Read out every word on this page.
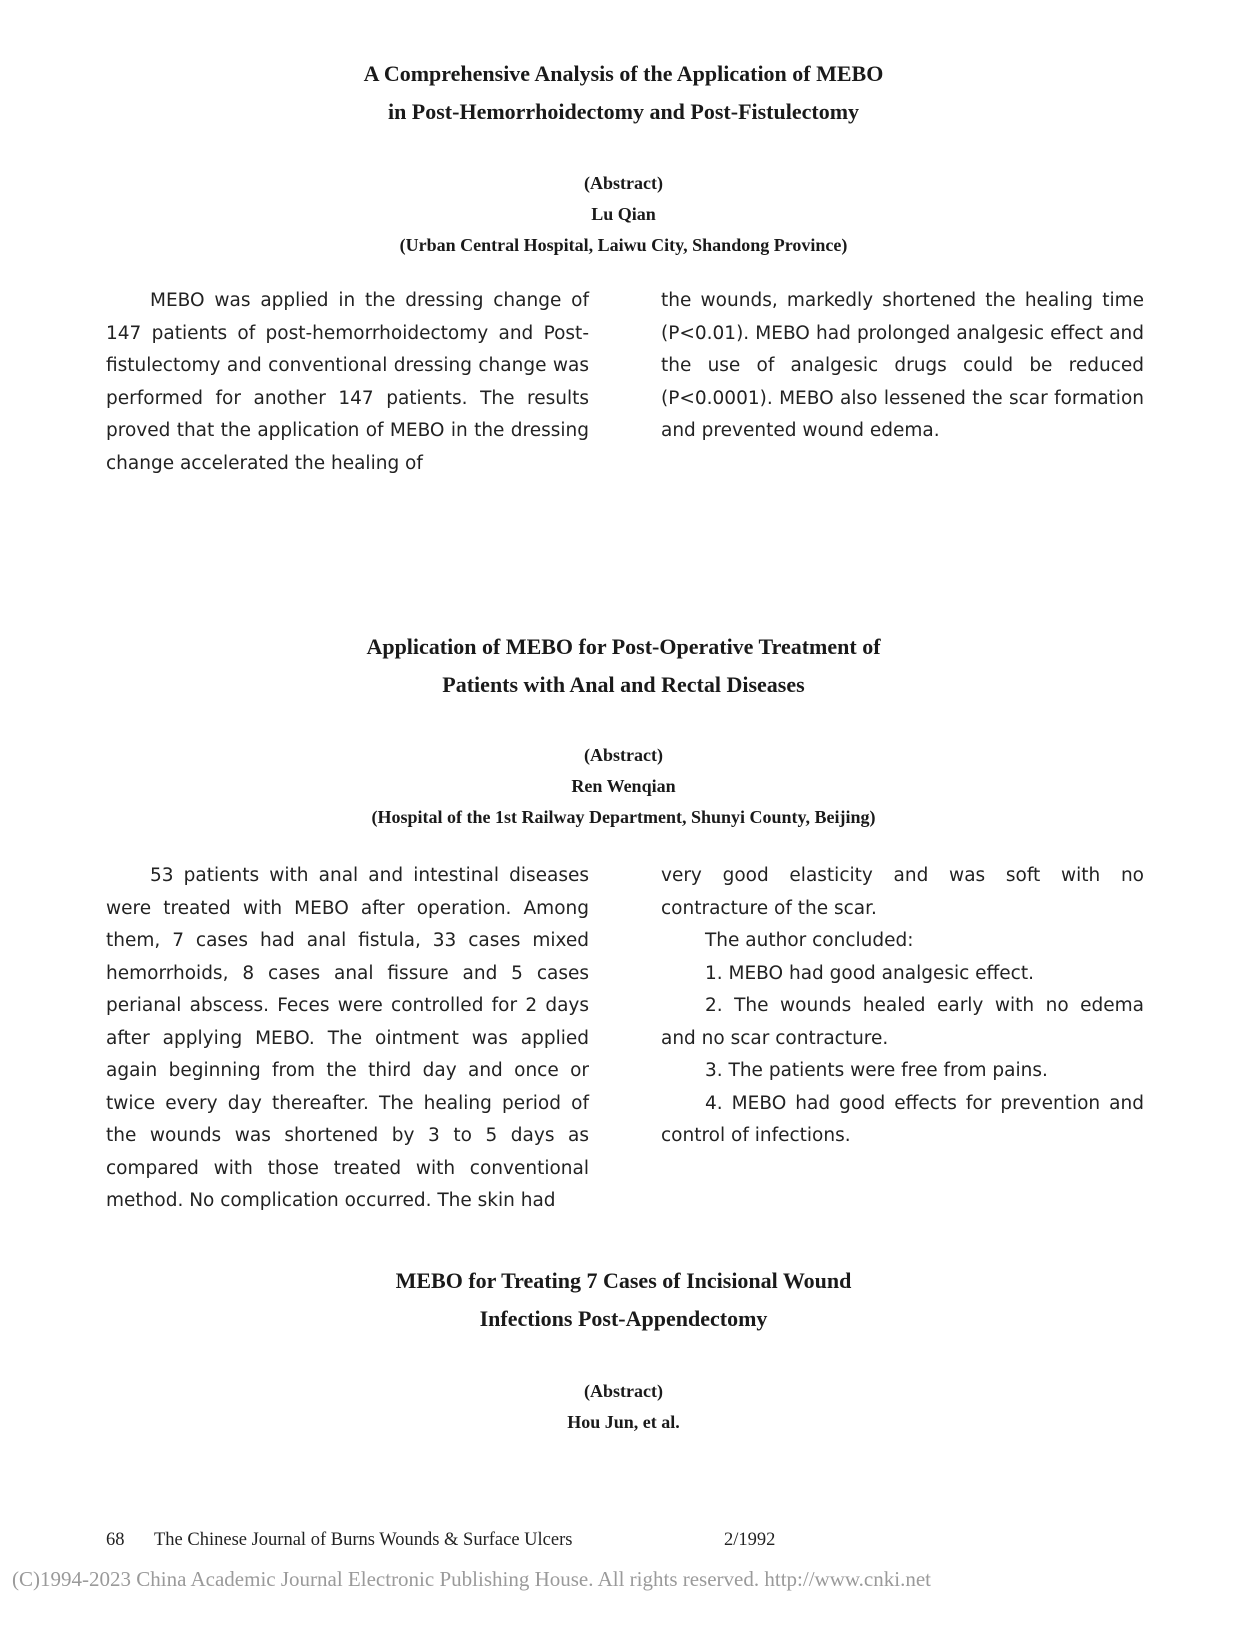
A Comprehensive Analysis of the Application of MEBO
in Post-Hemorrhoidectomy and Post-Fistulectomy
(Abstract)
Lu Qian
(Urban Central Hospital, Laiwu City, Shandong Province)

MEBO was applied in the dressing change of 147 patients of post-hemorrhoidectomy and Post-fistulectomy and conventional dressing change was performed for another 147 patients. The results proved that the application of MEBO in the dressing change accelerated the healing of

the wounds, markedly shortened the healing time (P<0.01). MEBO had prolonged analgesic effect and the use of analgesic drugs could be reduced (P<0.0001). MEBO also lessened the scar formation and prevented wound edema.

Application of MEBO for Post-Operative Treatment of
Patients with Anal and Rectal Diseases
(Abstract)
Ren Wenqian
(Hospital of the 1st Railway Department, Shunyi County, Beijing)

53 patients with anal and intestinal diseases were treated with MEBO after operation. Among them, 7 cases had anal fistula, 33 cases mixed hemorrhoids, 8 cases anal fissure and 5 cases perianal abscess. Feces were controlled for 2 days after applying MEBO. The ointment was applied again beginning from the third day and once or twice every day thereafter. The healing period of the wounds was shortened by 3 to 5 days as compared with those treated with conventional method. No complication occurred. The skin had

very good elasticity and was soft with no contracture of the scar.

The author concluded:

1. MEBO had good analgesic effect.

2. The wounds healed early with no edema and no scar contracture.

3. The patients were free from pains.

4. MEBO had good effects for prevention and control of infections.

MEBO for Treating 7 Cases of Incisional Wound
Infections Post-Appendectomy
(Abstract)
Hou Jun, et al.
68	The Chinese Journal of Burns Wounds & Surface Ulcers	2/1992
(C)1994-2023 China Academic Journal Electronic Publishing House. All rights reserved. http://www.cnki.net
